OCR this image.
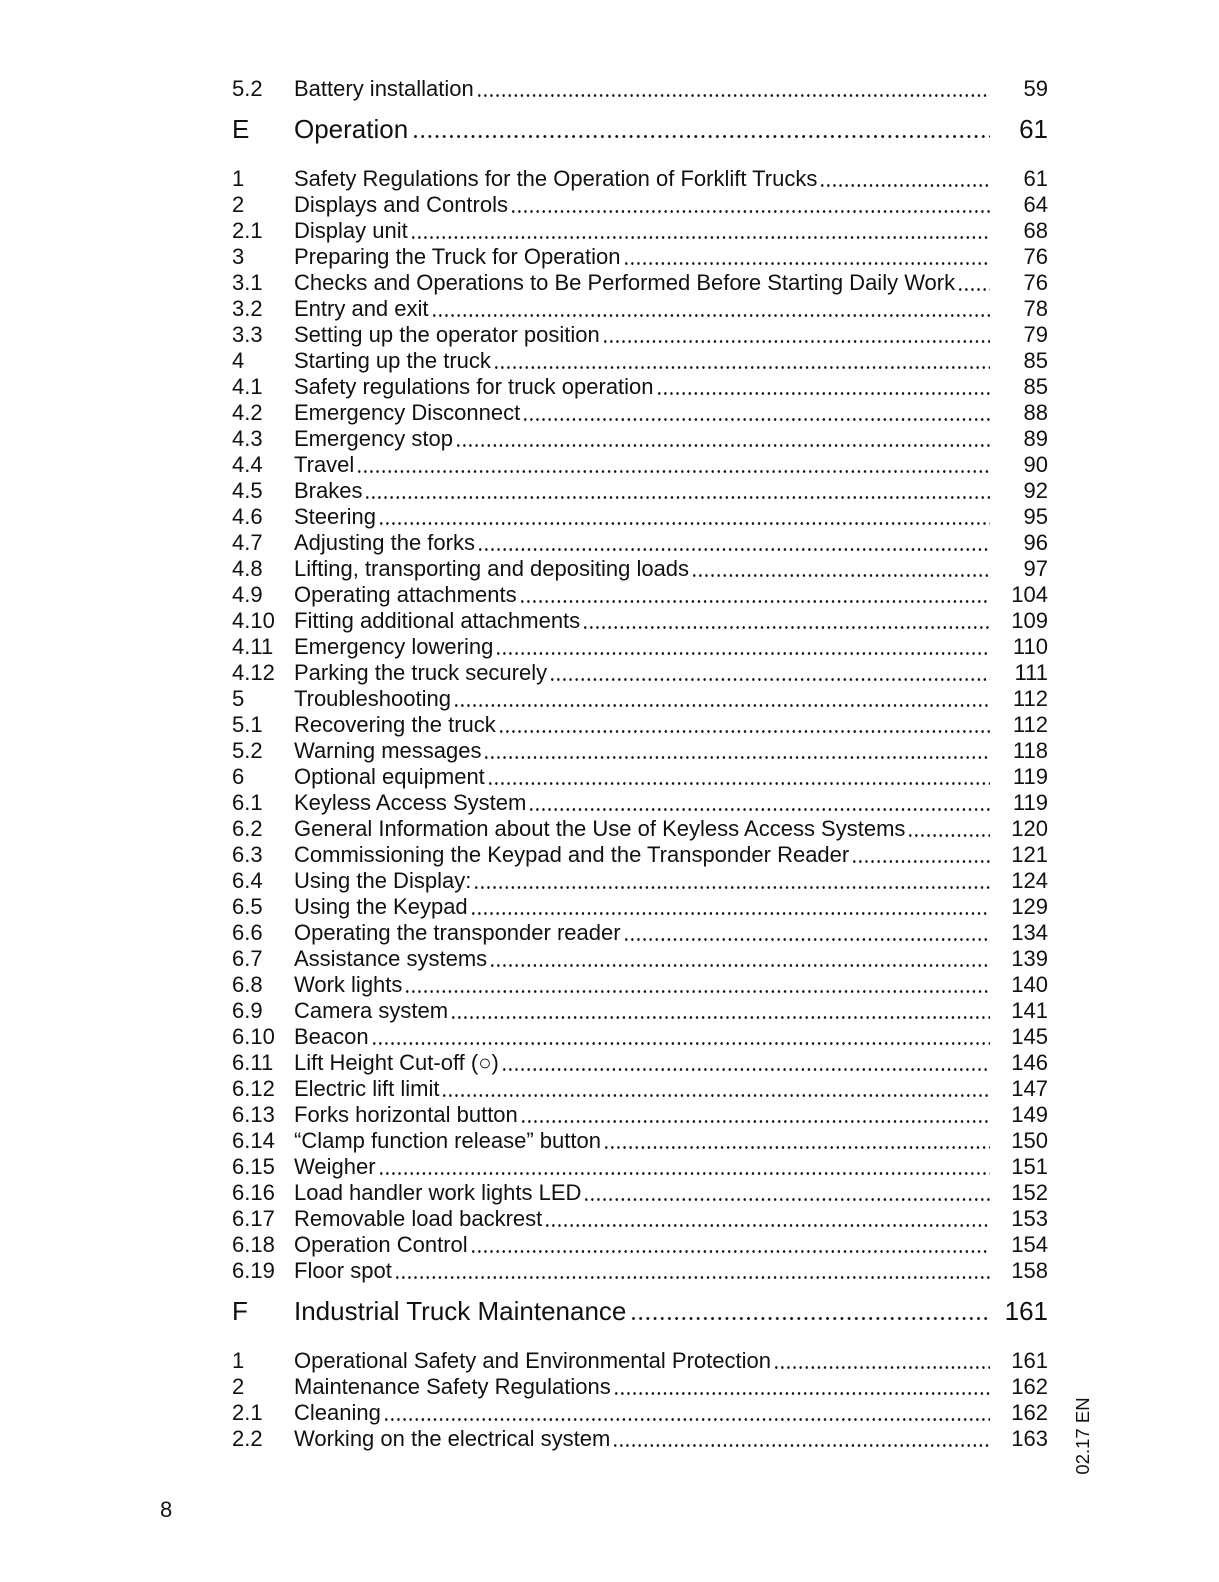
5.2	Battery installation	59
E	Operation	61
1	Safety Regulations for the Operation of Forklift Trucks	61
2	Displays and Controls	64
2.1	Display unit	68
3	Preparing the Truck for Operation	76
3.1	Checks and Operations to Be Performed Before Starting Daily Work	76
3.2	Entry and exit	78
3.3	Setting up the operator position	79
4	Starting up the truck	85
4.1	Safety regulations for truck operation	85
4.2	Emergency Disconnect	88
4.3	Emergency stop	89
4.4	Travel	90
4.5	Brakes	92
4.6	Steering	95
4.7	Adjusting the forks	96
4.8	Lifting, transporting and depositing loads	97
4.9	Operating attachments	104
4.10 Fitting additional attachments	109
4.11 Emergency lowering	110
4.12 Parking the truck securely	111
5	Troubleshooting	112
5.1	Recovering the truck	112
5.2	Warning messages	118
6	Optional equipment	119
6.1	Keyless Access System	119
6.2	General Information about the Use of Keyless Access Systems	120
6.3	Commissioning the Keypad and the Transponder Reader	121
6.4	Using the Display:	124
6.5	Using the Keypad	129
6.6	Operating the transponder reader	134
6.7	Assistance systems	139
6.8	Work lights	140
6.9	Camera system	141
6.10 Beacon	145
6.11 Lift Height Cut-off (○)	146
6.12 Electric lift limit	147
6.13 Forks horizontal button	149
6.14 “Clamp function release” button	150
6.15 Weigher	151
6.16 Load handler work lights LED	152
6.17 Removable load backrest	153
6.18 Operation Control	154
6.19 Floor spot	158
F	Industrial Truck Maintenance	161
1	Operational Safety and Environmental Protection	161
2	Maintenance Safety Regulations	162
2.1	Cleaning	162
2.2	Working on the electrical system	163
8
02.17 EN
